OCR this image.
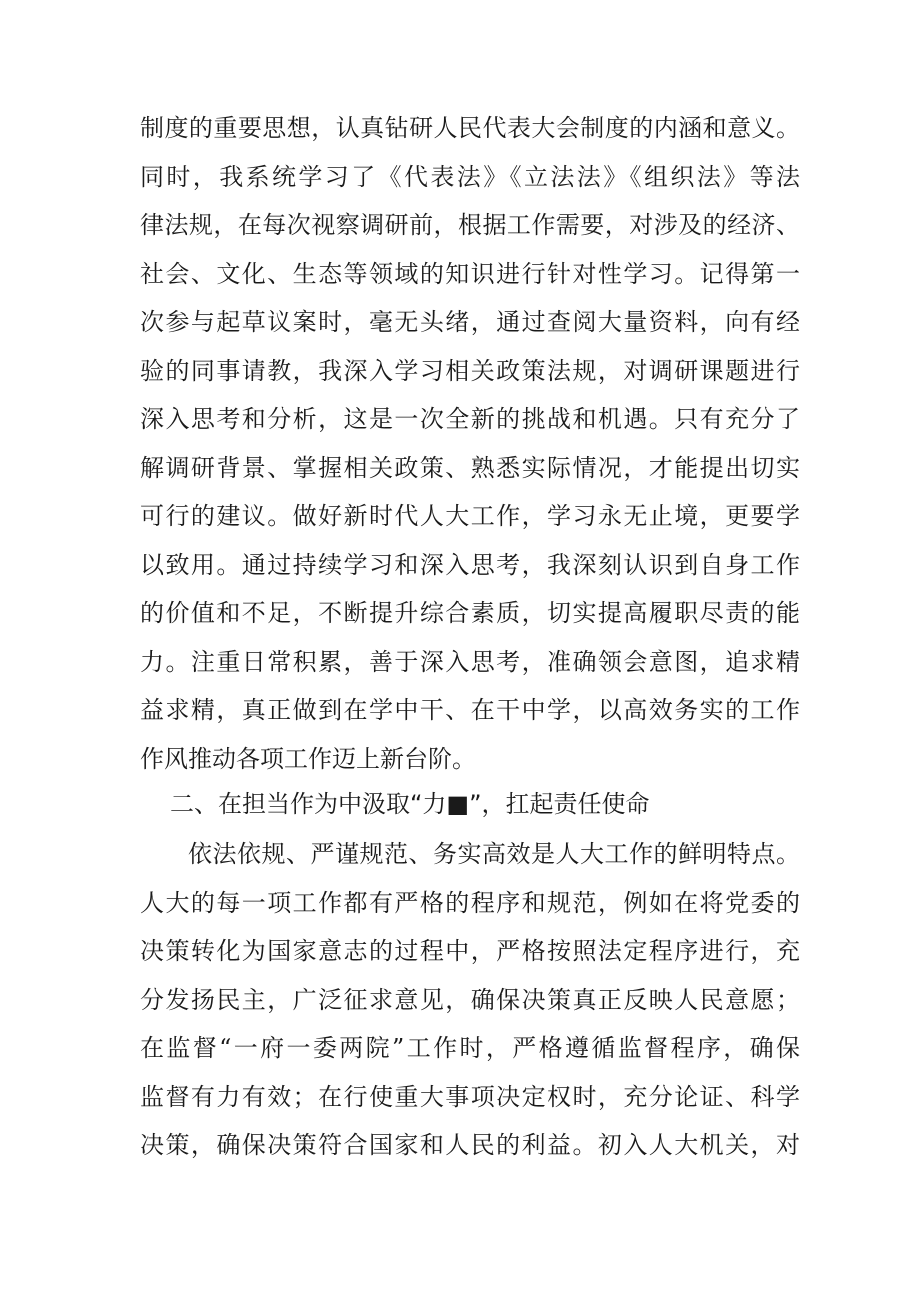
制度的重要思想，认真钻研人民代表大会制度的内涵和意义。
同时，我系统学习了《代表法》《立法法》《组织法》等法
律法规，在每次视察调研前，根据工作需要，对涉及的经济、
社会、文化、生态等领域的知识进行针对性学习。记得第一
次参与起草议案时，毫无头绪，通过查阅大量资料，向有经
验的同事请教，我深入学习相关政策法规，对调研课题进行
深入思考和分析，这是一次全新的挑战和机遇。只有充分了
解调研背景、掌握相关政策、熟悉实际情况，才能提出切实
可行的建议。做好新时代人大工作，学习永无止境，更要学
以致用。通过持续学习和深入思考，我深刻认识到自身工作
的价值和不足，不断提升综合素质，切实提高履职尽责的能
力。注重日常积累，善于深入思考，准确领会意图，追求精
益求精，真正做到在学中干、在干中学，以高效务实的工作
作风推动各项工作迈上新台阶。
二、在担当作为中汲取“力■”，扛起责任使命
依法依规、严谨规范、务实高效是人大工作的鲜明特点。
人大的每一项工作都有严格的程序和规范，例如在将党委的
决策转化为国家意志的过程中，严格按照法定程序进行，充
分发扬民主，广泛征求意见，确保决策真正反映人民意愿；
在监督“一府一委两院”工作时，严格遵循监督程序，确保
监督有力有效；在行使重大事项决定权时，充分论证、科学
决策，确保决策符合国家和人民的利益。初入人大机关，对
